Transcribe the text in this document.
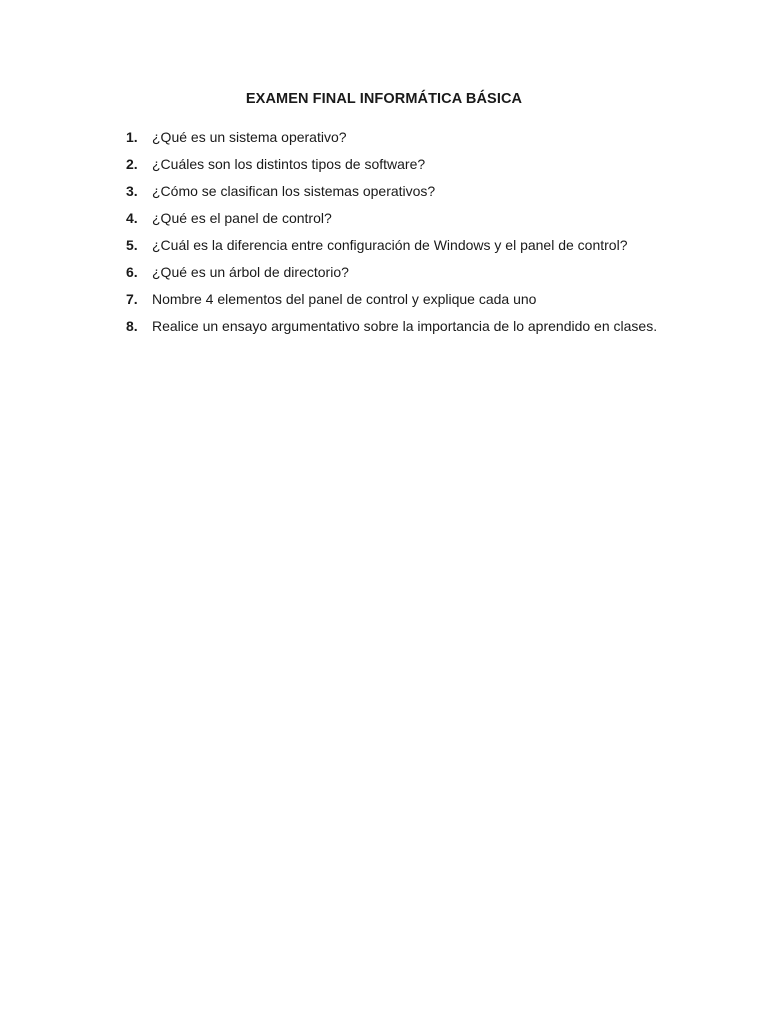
EXAMEN FINAL INFORMÁTICA BÁSICA
1.	¿Qué es un sistema operativo?
2.	¿Cuáles son los distintos tipos de software?
3.	¿Cómo se clasifican los sistemas operativos?
4.	¿Qué es el panel de control?
5.	¿Cuál es la diferencia entre configuración de Windows y el panel de control?
6.	¿Qué es un árbol de directorio?
7.	Nombre 4 elementos del panel de control y explique cada uno
8.	Realice un ensayo argumentativo sobre la importancia de lo aprendido en clases.
